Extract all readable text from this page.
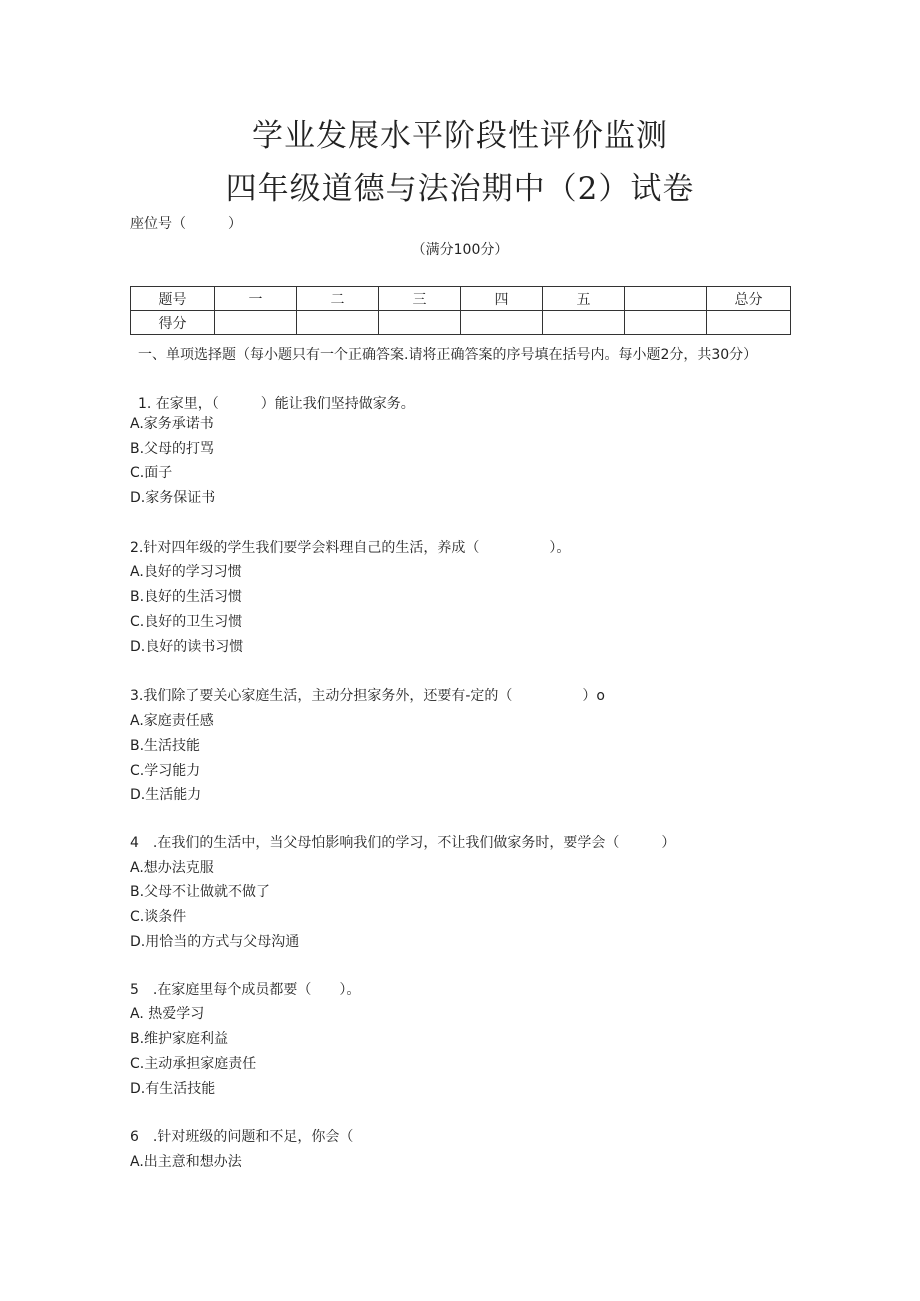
学业发展水平阶段性评价监测
四年级道德与法治期中（2）试卷
座位号（　　　）
（满分100分）
题号	一	二	三	四	五		总分
得分							
一、单项选择题（每小题只有一个正确答案.请将正确答案的序号填在括号内。每小题2分，共30分）
1. 在家里，（　　　）能让我们坚持做家务。
A.家务承诺书
B.父母的打骂
C.面子
D.家务保证书
2.针对四年级的学生我们要学会料理自己的生活，养成（　　　　　）。
A.良好的学习习惯
B.良好的生活习惯
C.良好的卫生习惯
D.良好的读书习惯
3.我们除了要关心家庭生活，主动分担家务外，还要有-定的（　　　　　）o
A.家庭责任感
B.生活技能
C.学习能力
D.生活能力
4　.在我们的生活中，当父母怕影响我们的学习，不让我们做家务时，要学会（　　　）
A.想办法克服
B.父母不让做就不做了
C.谈条件
D.用恰当的方式与父母沟通
5　.在家庭里每个成员都要（　　）。
A. 热爱学习
B.维护家庭利益
C.主动承担家庭责任
D.有生活技能
6　.针对班级的问题和不足，你会（
A.出主意和想办法
